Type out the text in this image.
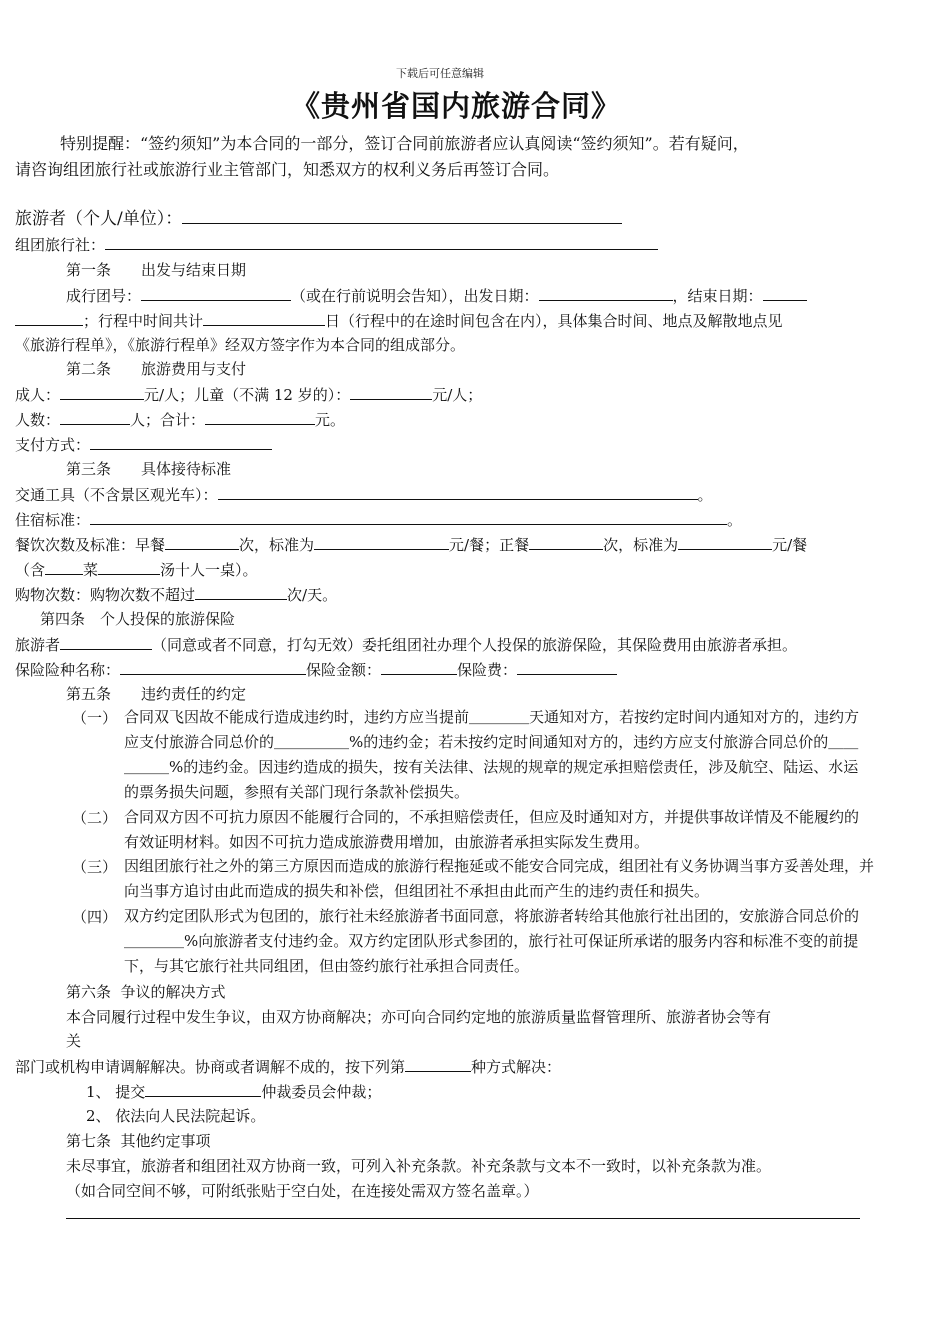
下载后可任意编辑
《贵州省国内旅游合同》
特别提醒：“签约须知”为本合同的一部分，签订合同前旅游者应认真阅读“签约须知”。若有疑问，
请咨询组团旅行社或旅游行业主管部门，知悉双方的权利义务后再签订合同。
旅游者（个人/单位）：
组团旅行社：
第一条　　出发与结束日期
成行团号：	（或在行前说明会告知），出发日期：	，结束日期：
；行程中时间共计	日（行程中的在途时间包含在内），具体集合时间、地点及解散地点见
《旅游行程单》，《旅游行程单》经双方签字作为本合同的组成部分。
第二条　　旅游费用与支付
成人：	元/人；儿童（不满 12 岁的）：	元/人；
人数：	人；合计：	元。
支付方式：
第三条　　具体接待标准
交通工具（不含景区观光车）：	。
住宿标准：	。
餐饮次数及标准：早餐	次，标准为	元/餐；正餐	次，标准为	元/餐
（含	菜	汤十人一桌）。
购物次数：购物次数不超过	次/天。
第四条　个人投保的旅游保险
旅游者	（同意或者不同意，打勾无效）委托组团社办理个人投保的旅游保险，其保险费用由旅游者承担。
保险险种名称：	保险金额：	保险费：
第五条　　违约责任的约定
（一） 合同双飞因故不能成行造成违约时，违约方应当提前＿＿＿＿天通知对方，若按约定时间内通知对方的，违约方应支付旅游合同总价的＿＿＿＿＿%的违约金；若未按约定时间通知对方的，违约方应支付旅游合同总价的＿＿＿＿＿%的违约金。因违约造成的损失，按有关法律、法规的规章的规定承担赔偿责任，涉及航空、陆运、水运的票务损失问题，参照有关部门现行条款补偿损失。
（二） 合同双方因不可抗力原因不能履行合同的，不承担赔偿责任，但应及时通知对方，并提供事故详情及不能履约的有效证明材料。如因不可抗力造成旅游费用增加，由旅游者承担实际发生费用。
（三） 因组团旅行社之外的第三方原因而造成的旅游行程拖延或不能安合同完成，组团社有义务协调当事方妥善处理，并向当事方追讨由此而造成的损失和补偿，但组团社不承担由此而产生的违约责任和损失。
（四） 双方约定团队形式为包团的，旅行社未经旅游者书面同意，将旅游者转给其他旅行社出团的，安旅游合同总价的＿＿＿＿%向旅游者支付违约金。双方约定团队形式参团的，旅行社可保证所承诺的服务内容和标准不变的前提下，与其它旅行社共同组团，但由签约旅行社承担合同责任。
第六条  争议的解决方式
本合同履行过程中发生争议，由双方协商解决；亦可向合同约定地的旅游质量监督管理所、旅游者协会等有
关
部门或机构申请调解解决。协商或者调解不成的，按下列第	种方式解决：
1、 提交	仲裁委员会仲裁；
2、 依法向人民法院起诉。
第七条  其他约定事项
未尽事宜，旅游者和组团社双方协商一致，可列入补充条款。补充条款与文本不一致时，以补充条款为准。
（如合同空间不够，可附纸张贴于空白处，在连接处需双方签名盖章。）
